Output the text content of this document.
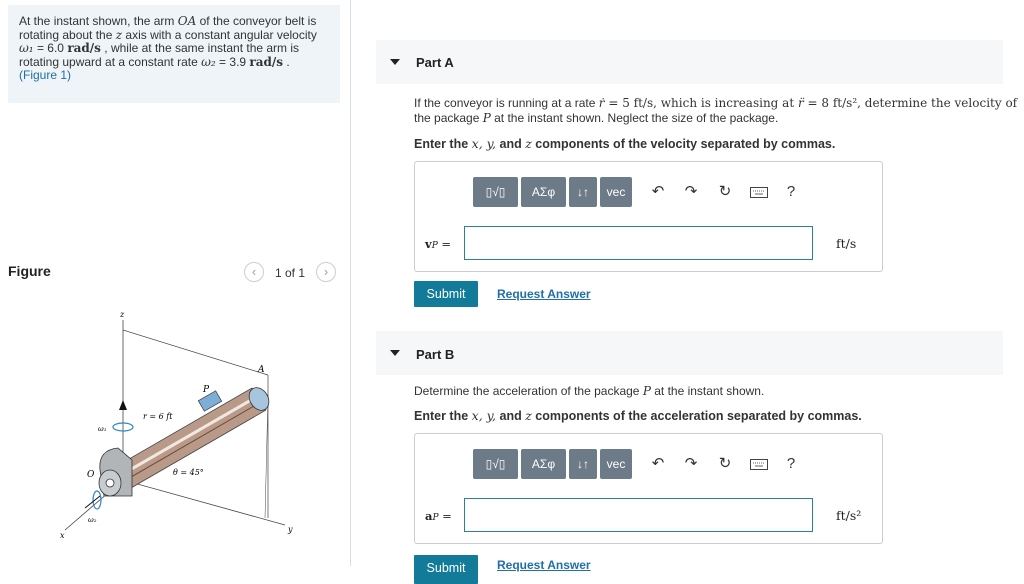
At the instant shown, the arm OA of the conveyor belt is
rotating about the z axis with a constant angular velocity
ω₁ = 6.0 rad/s , while at the same instant the arm is
rotating upward at a constant rate ω₂ = 3.9 rad/s .
(Figure 1)
Figure	‹	1 of 1	›
z
x
y
O
A
P
r = 6 ft
θ = 45°
ω₁
ω₂
Part A
If the conveyor is running at a rate ṙ = 5 ft/s, which is increasing at r̈ = 8 ft/s², determine the velocity of
the package P at the instant shown. Neglect the size of the package.
Enter the x, y, and z components of the velocity separated by commas.
▯√▯	ΑΣφ	↓↑	vec	↶	↷	↻	?
vP =	ft/s
Submit	Request Answer
Part B
Determine the acceleration of the package P at the instant shown.
Enter the x, y, and z components of the acceleration separated by commas.
▯√▯	ΑΣφ	↓↑	vec	↶	↷	↻	?
aP =	ft/s²
Submit	Request Answer
